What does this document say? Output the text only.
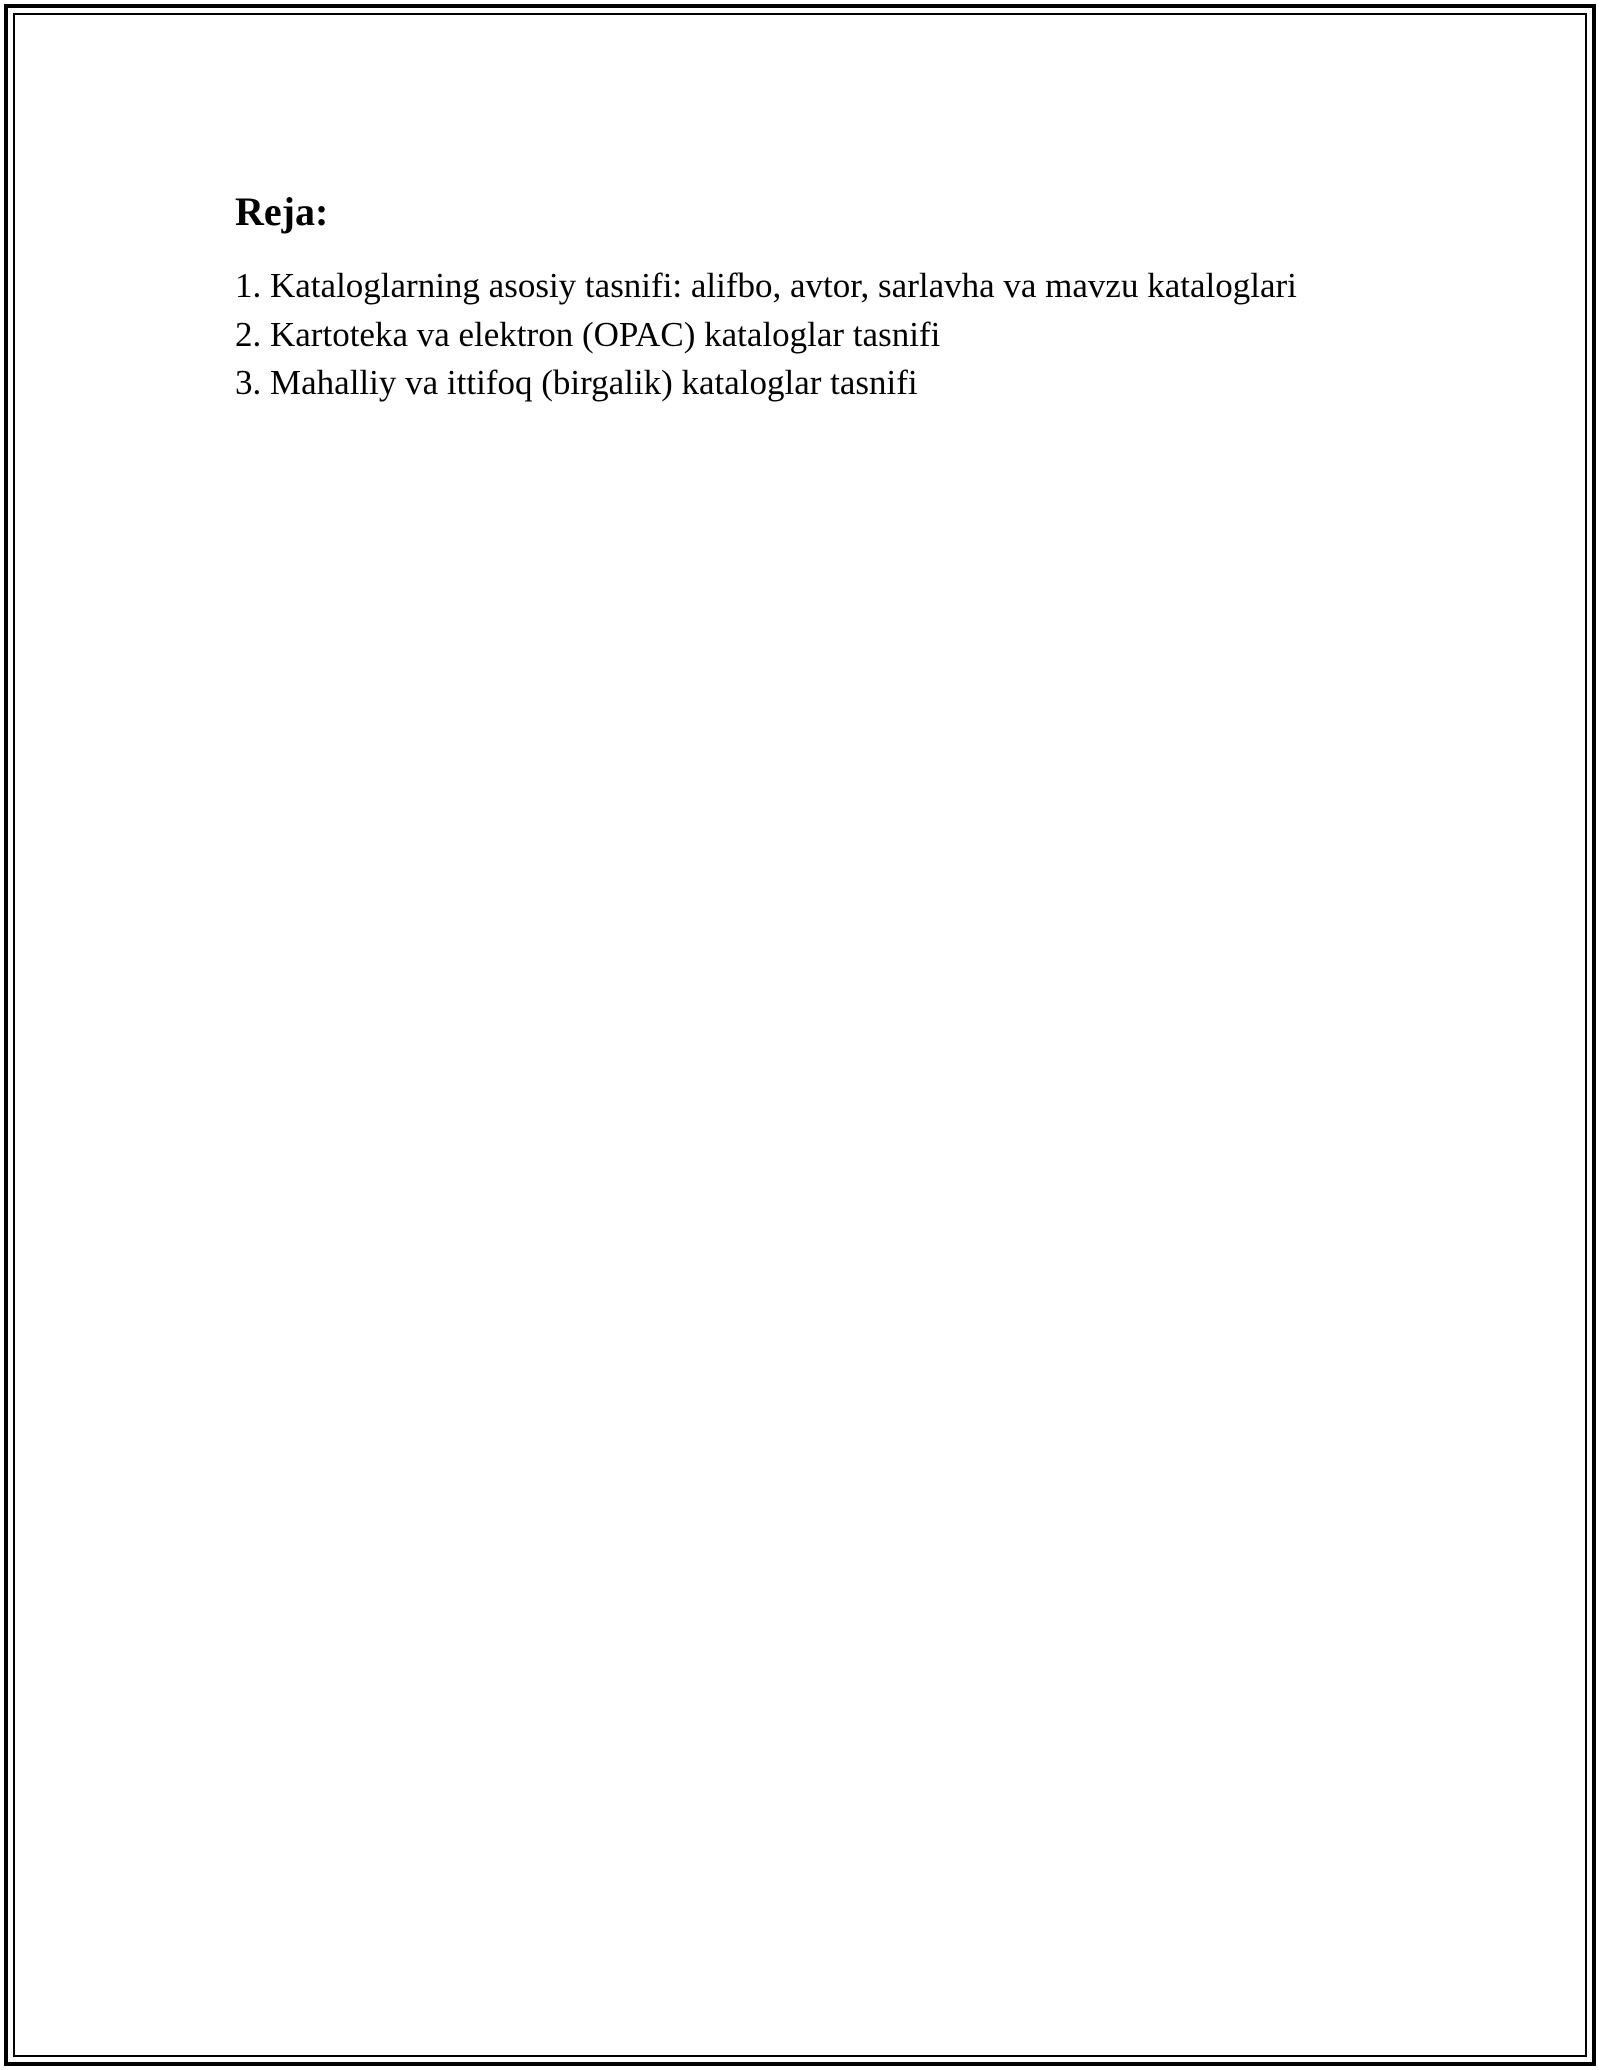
Reja:
1. Kataloglarning asosiy tasnifi: alifbo, avtor, sarlavha va mavzu kataloglari
2. Kartoteka va elektron (OPAC) kataloglar tasnifi
3. Mahalliy va ittifoq (birgalik) kataloglar tasnifi
